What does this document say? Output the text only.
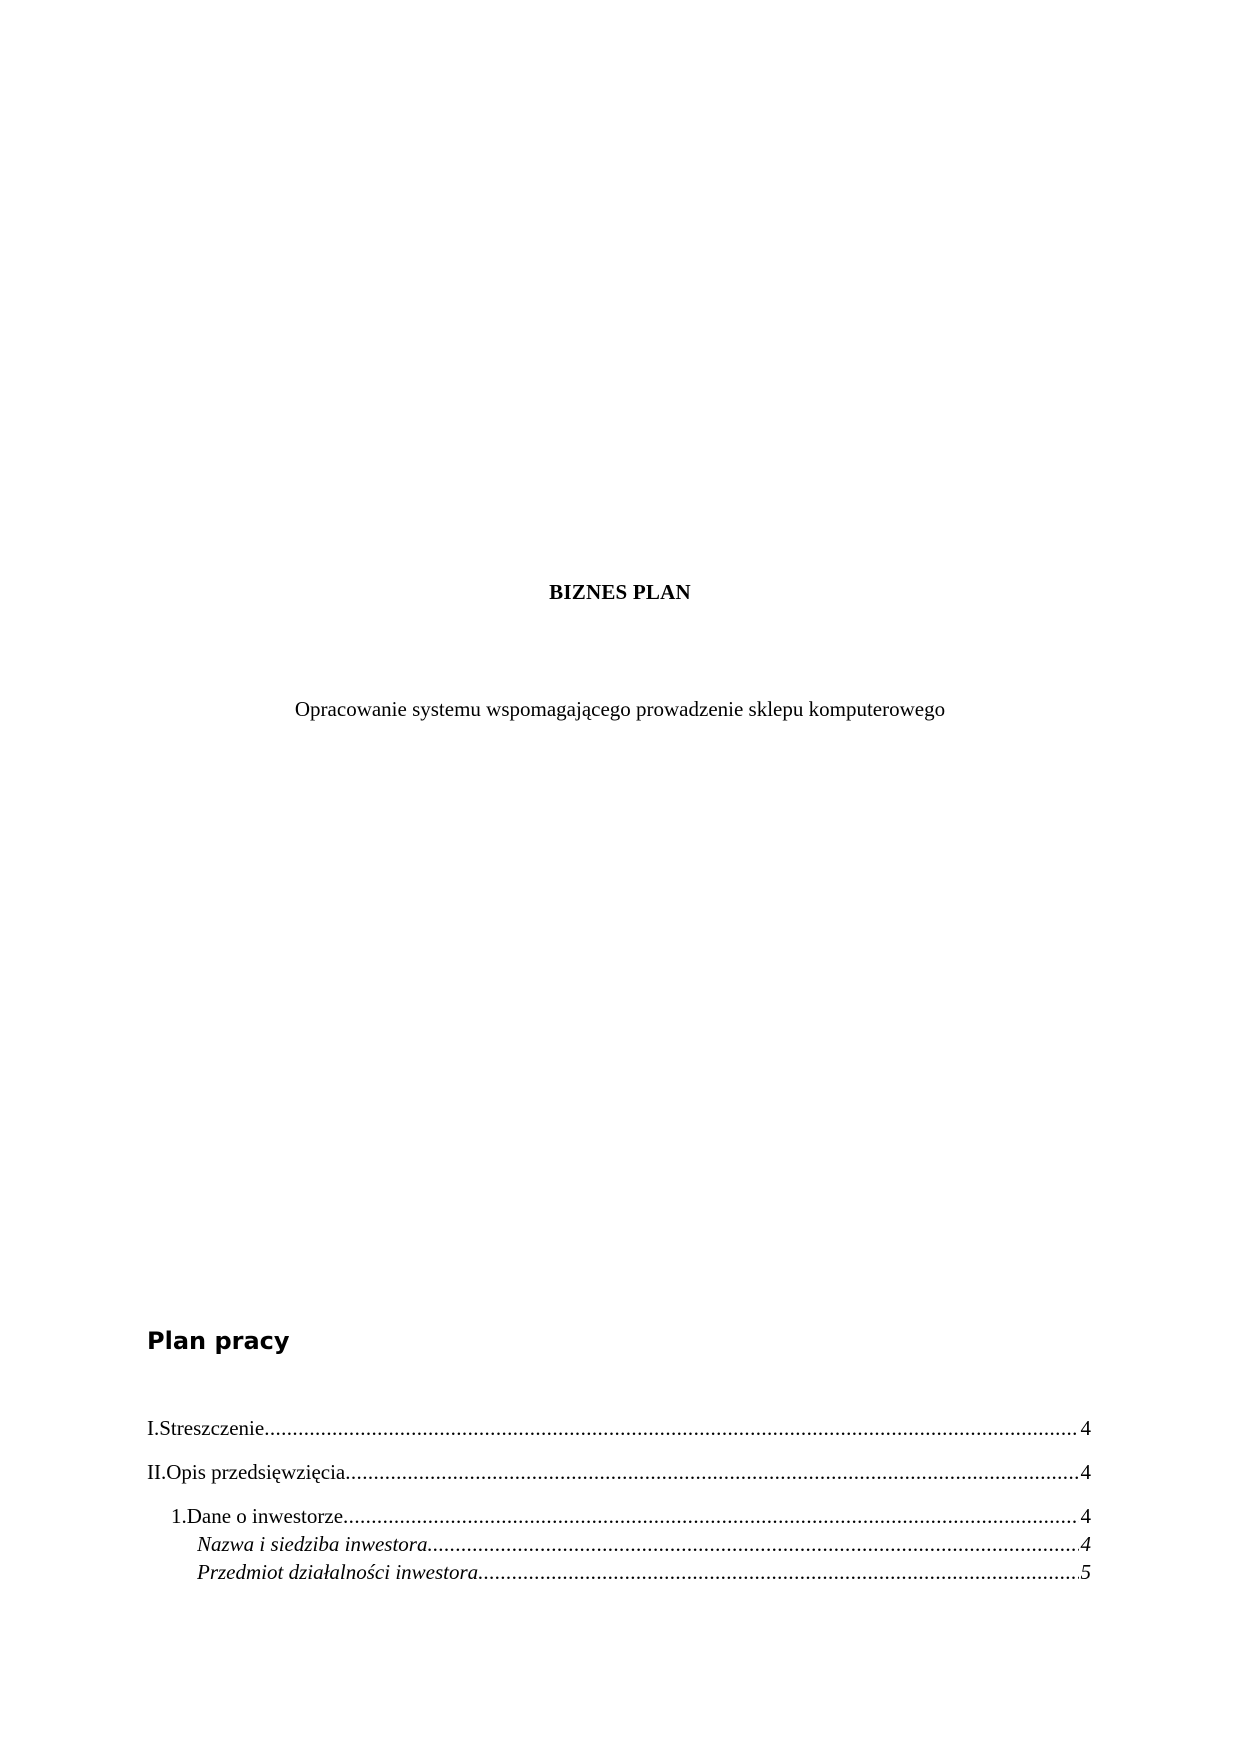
BIZNES PLAN
Opracowanie systemu wspomagającego prowadzenie sklepu komputerowego
Plan pracy
I.Streszczenie .....	4
II.Opis przedsięwzięcia .....	4
1.Dane o inwestorze .....	4
Nazwa i siedziba inwestora .....	4
Przedmiot działalności inwestora .....	5
